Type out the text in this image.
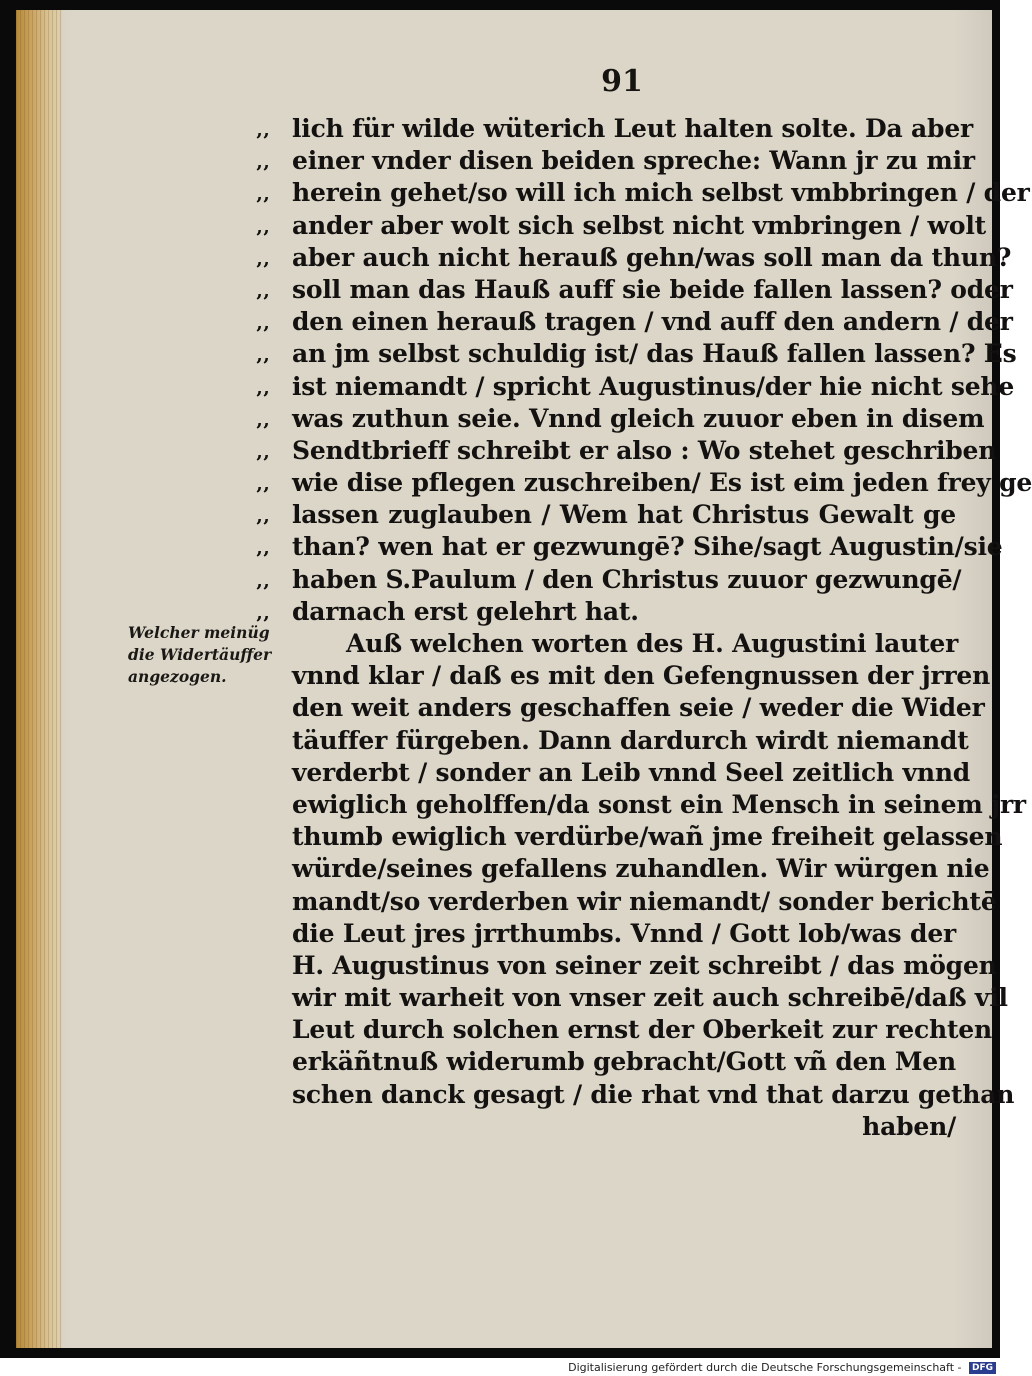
91
‚‚ lich für wilde wüterich Leut halten solte. Da aber
‚‚ einer vnder disen beiden spreche: Wann jr zu mir
‚‚ herein gehet/so will ich mich selbst vmbbringen / der
‚‚ ander aber wolt sich selbst nicht vmbringen / wolt
‚‚ aber auch nicht herauß gehn/was soll man da thun?
‚‚ soll man das Hauß auff sie beide fallen lassen? oder
‚‚ den einen herauß tragen / vnd auff den andern / der
‚‚ an jm selbst schuldig ist/ das Hauß fallen lassen? Es
‚‚ ist niemandt / spricht Augustinus/der hie nicht sehe
‚‚ was zuthun seie. Vnnd gleich zuuor eben in disem
‚‚ Sendtbrieff schreibt er also : Wo stehet geschriben
‚‚ wie dise pflegen zuschreiben/ Es ist eim jeden frey ge
‚‚ lassen zuglauben / Wem hat Christus Gewalt ge
‚‚ than? wen hat er gezwungē? Sihe/sagt Augustin/sie
‚‚ haben S.Paulum / den Christus zuuor gezwungē/
‚‚ darnach erst gelehrt hat.
Auß welchen worten des H. Augustini lauter
vnnd klar / daß es mit den Gefengnussen der jrren
den weit anders geschaffen seie / weder die Wider
täuffer fürgeben. Dann dardurch wirdt niemandt
verderbt / sonder an Leib vnnd Seel zeitlich vnnd
ewiglich geholffen/da sonst ein Mensch in seinem jrr
thumb ewiglich verdürbe/wañ jme freiheit gelassen
würde/seines gefallens zuhandlen. Wir würgen nie
mandt/so verderben wir niemandt/ sonder berichtē
die Leut jres jrrthumbs. Vnnd / Gott lob/was der
H. Augustinus von seiner zeit schreibt / das mögen
wir mit warheit von vnser zeit auch schreibē/daß vil
Leut durch solchen ernst der Oberkeit zur rechten
erkäñtnuß widerumb gebracht/Gott vñ den Men
schen danck gesagt / die rhat vnd that darzu gethan
haben/
Welcher meinüg
die Widertäuffer
angezogen.
Digitalisierung gefördert durch die Deutsche Forschungsgemeinschaft - DFG
